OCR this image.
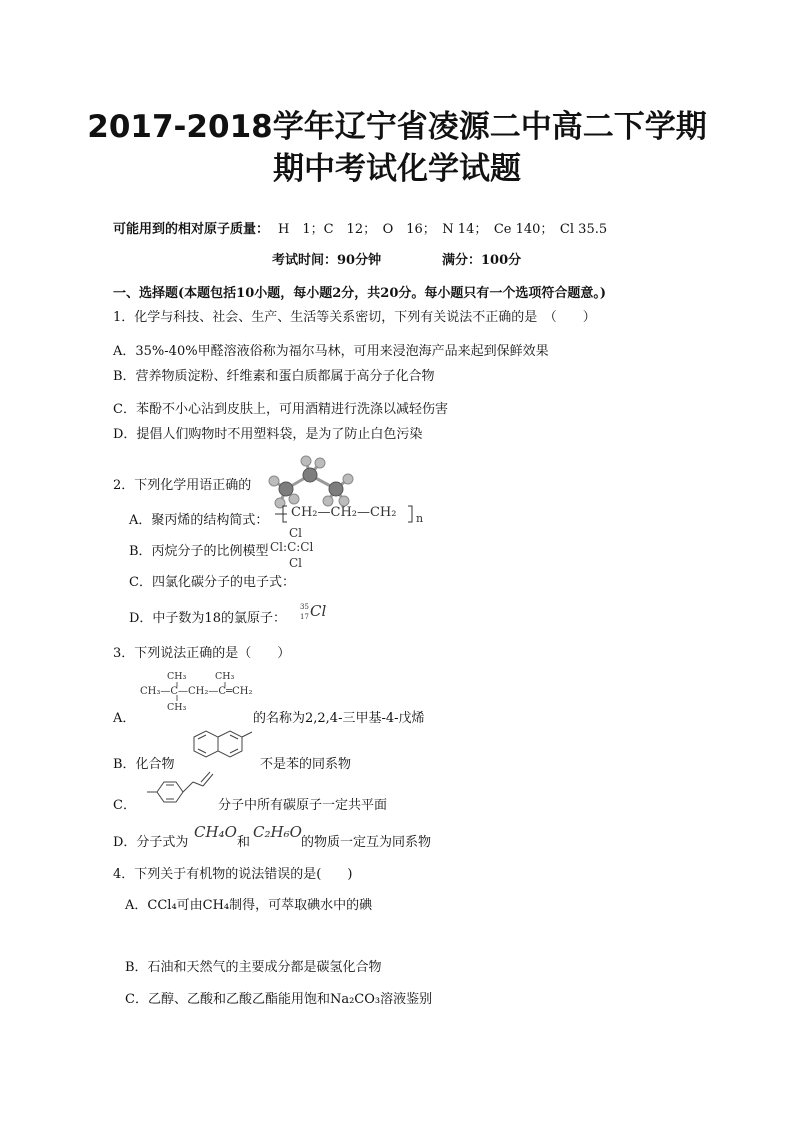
2017-2018学年辽宁省凌源二中高二下学期
期中考试化学试题
可能用到的相对原子质量： H　1；C　12；　O　16；　N 14；　Ce 140；　Cl 35.5
考试时间：90分钟	满分：100分
一、选择题(本题包括10小题，每小题2分，共20分。每小题只有一个选项符合题意。)
1．化学与科技、社会、生产、生活等关系密切，下列有关说法不正确的是　（　　）
A．35%-40%甲醛溶液俗称为福尔马林，可用来浸泡海产品来起到保鲜效果
B．营养物质淀粉、纤维素和蛋白质都属于高分子化合物
C．苯酚不小心沾到皮肤上，可用酒精进行洗涤以减轻伤害
D．提倡人们购物时不用塑料袋，是为了防止白色污染
2．下列化学用语正确的
A．聚丙烯的结构简式：
CH₂—CH₂—CH₂ n
B．丙烷分子的比例模型
Cl
Cl:C:Cl
Cl
C．四氯化碳分子的电子式：
D．中子数为18的氯原子：
35
17 Cl
3．下列说法正确的是（　　）
CH₃	CH₃
CH₃—C—CH₂—C═CH₂
CH₃
A．	的名称为2,2,4-三甲基-4-戊烯
B．化合物	不是苯的同系物
C．	分子中所有碳原子一定共平面
D．分子式为
CH₄O
和
C₂H₆O
的物质一定互为同系物
4．下列关于有机物的说法错误的是(　　)
A．CCl₄可由CH₄制得，可萃取碘水中的碘
B．石油和天然气的主要成分都是碳氢化合物
C．乙醇、乙酸和乙酸乙酯能用饱和Na₂CO₃溶液鉴别
